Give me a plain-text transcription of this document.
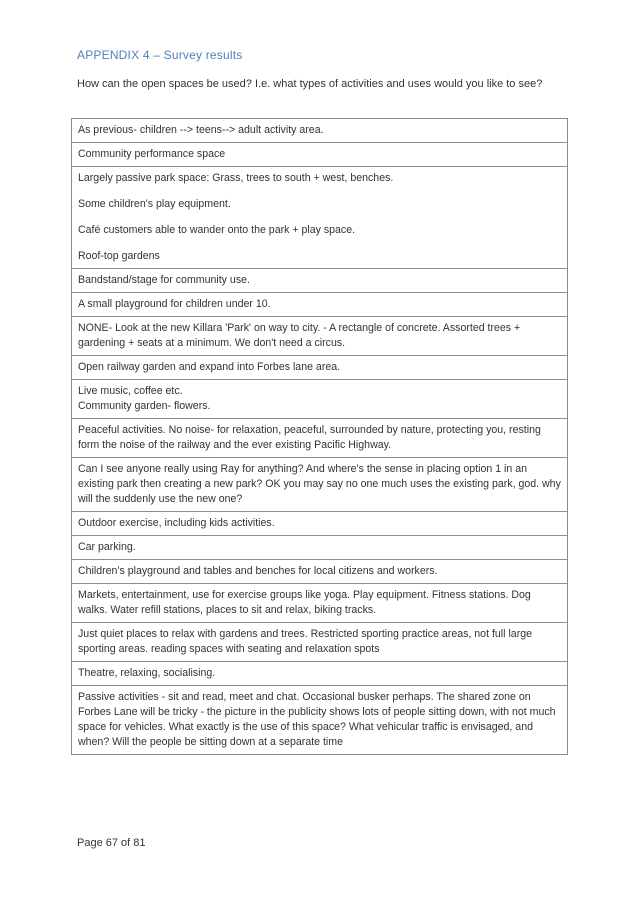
APPENDIX 4 – Survey results
How can the open spaces be used? I.e. what types of activities and uses would you like to see?
As previous- children --> teens--> adult activity area.

Community performance space

Largely passive park space: Grass, trees to south + west, benches.
Some children's play equipment.
Café customers able to wander onto the park + play space.
Roof-top gardens

Bandstand/stage for community use.

A small playground for children under 10.

NONE- Look at the new Killara 'Park' on way to city. - A rectangle of concrete. Assorted trees + gardening + seats at a minimum. We don't need a circus.

Open railway garden and expand into Forbes lane area.

Live music, coffee etc.
Community garden- flowers.

Peaceful activities. No noise- for relaxation, peaceful, surrounded by nature, protecting you, resting form the noise of the railway and the ever existing Pacific Highway.

Can I see anyone really using Ray for anything? And where's the sense in placing option 1 in an existing park then creating a new park? OK you may say no one much uses the existing park, god. why will the suddenly use the new one?

Outdoor exercise, including kids activities.

Car parking.

Children's playground and tables and benches for local citizens and workers.

Markets, entertainment, use for exercise groups like yoga. Play equipment. Fitness stations. Dog walks. Water refill stations, places to sit and relax, biking tracks.

Just quiet places to relax with gardens and trees. Restricted sporting practice areas, not full large sporting areas. reading spaces with seating and relaxation spots

Theatre, relaxing, socialising.

Passive activities - sit and read, meet and chat. Occasional busker perhaps. The shared zone on Forbes Lane will be tricky - the picture in the publicity shows lots of people sitting down, with not much space for vehicles. What exactly is the use of this space? What vehicular traffic is envisaged, and when? Will the people be sitting down at a separate time
Page 67 of 81
